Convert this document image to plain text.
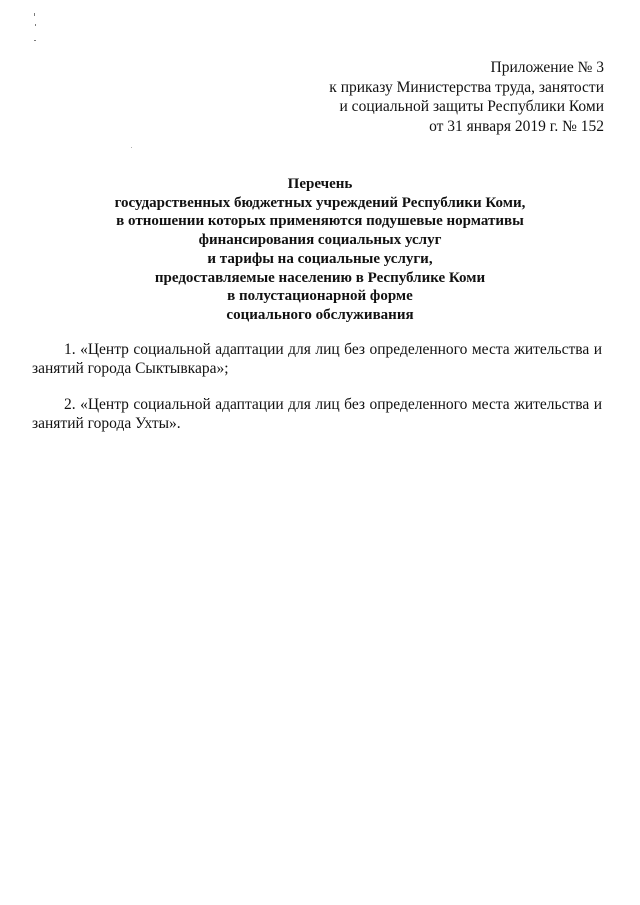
Приложение № 3
к приказу Министерства труда, занятости
и социальной защиты Республики Коми
от 31 января 2019 г. № 152
Перечень
государственных бюджетных учреждений Республики Коми,
в отношении которых применяются подушевые нормативы
финансирования социальных услуг
и тарифы на социальные услуги,
предоставляемые населению в Республике Коми
в полустационарной форме
социального обслуживания

1. «Центр социальной адаптации для лиц без определенного места жительства и занятий города Сыктывкара»;

2. «Центр социальной адаптации для лиц без определенного места жительства и занятий города Ухты».
